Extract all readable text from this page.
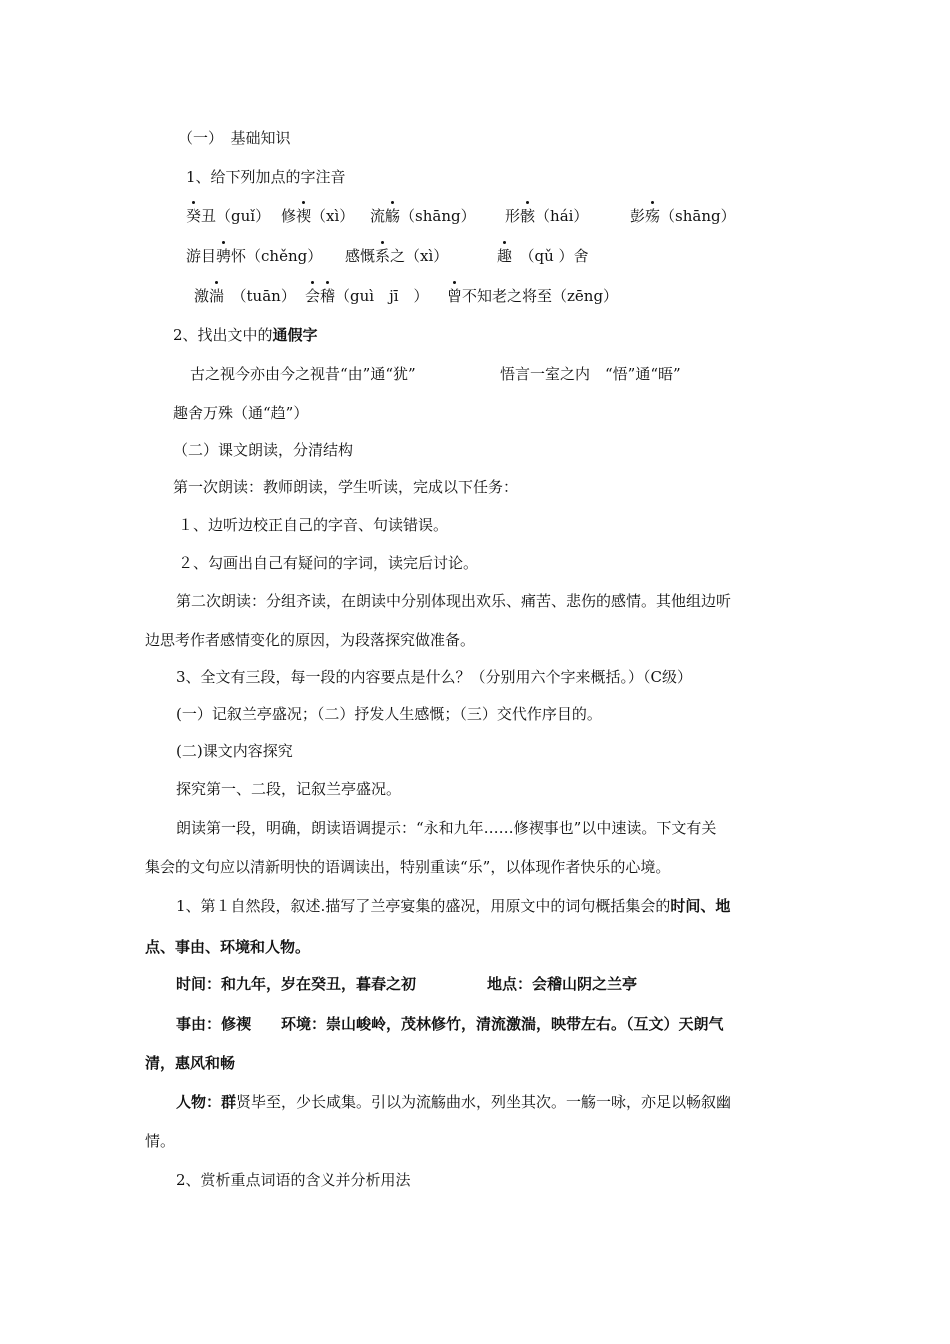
（一）　基础知识
1、给下列加点的字注音
癸丑（guǐ） 修禊（xì） 流觞（shāng） 形骸（hái）	彭殇（shāng）
游目骋怀（chěng） 感慨系之（xì）	趣　（qǔ ）舍
激湍　（tuān） 会稽（guì　jī　） 曾不知老之将至（zēng）
2、找出文中的通假字
古之视今亦由今之视昔“由”通“犹”	悟言一室之内　“悟”通“晤”
趣舍万殊（通“趋”）
（二）课文朗读，分清结构
第一次朗读：教师朗读，学生听读，完成以下任务：
１、边听边校正自己的字音、句读错误。
２、勾画出自己有疑问的字词，读完后讨论。
第二次朗读：分组齐读，在朗读中分别体现出欢乐、痛苦、悲伤的感情。其他组边听
边思考作者感情变化的原因，为段落探究做准备。
3、全文有三段，每一段的内容要点是什么？（分别用六个字来概括。）（C级）
(一）记叙兰亭盛况；（二）抒发人生感慨；（三）交代作序目的。
(二)课文内容探究
探究第一、二段，记叙兰亭盛况。
朗读第一段，明确，朗读语调提示：“永和九年……修禊事也”以中速读。下文有关
集会的文句应以清新明快的语调读出，特别重读“乐”，以体现作者快乐的心境。
1、第１自然段，叙述.描写了兰亭宴集的盛况，用原文中的词句概括集会的时间、地
点、事由、环境和人物。
时间：和九年，岁在癸丑，暮春之初	地点：会稽山阴之兰亭
事由：修禊　　环境：崇山峻岭，茂林修竹，清流激湍，映带左右。（互文）天朗气
清，惠风和畅
人物：群贤毕至，少长咸集。引以为流觞曲水，列坐其次。一觞一咏，亦足以畅叙幽
情。
2、赏析重点词语的含义并分析用法
